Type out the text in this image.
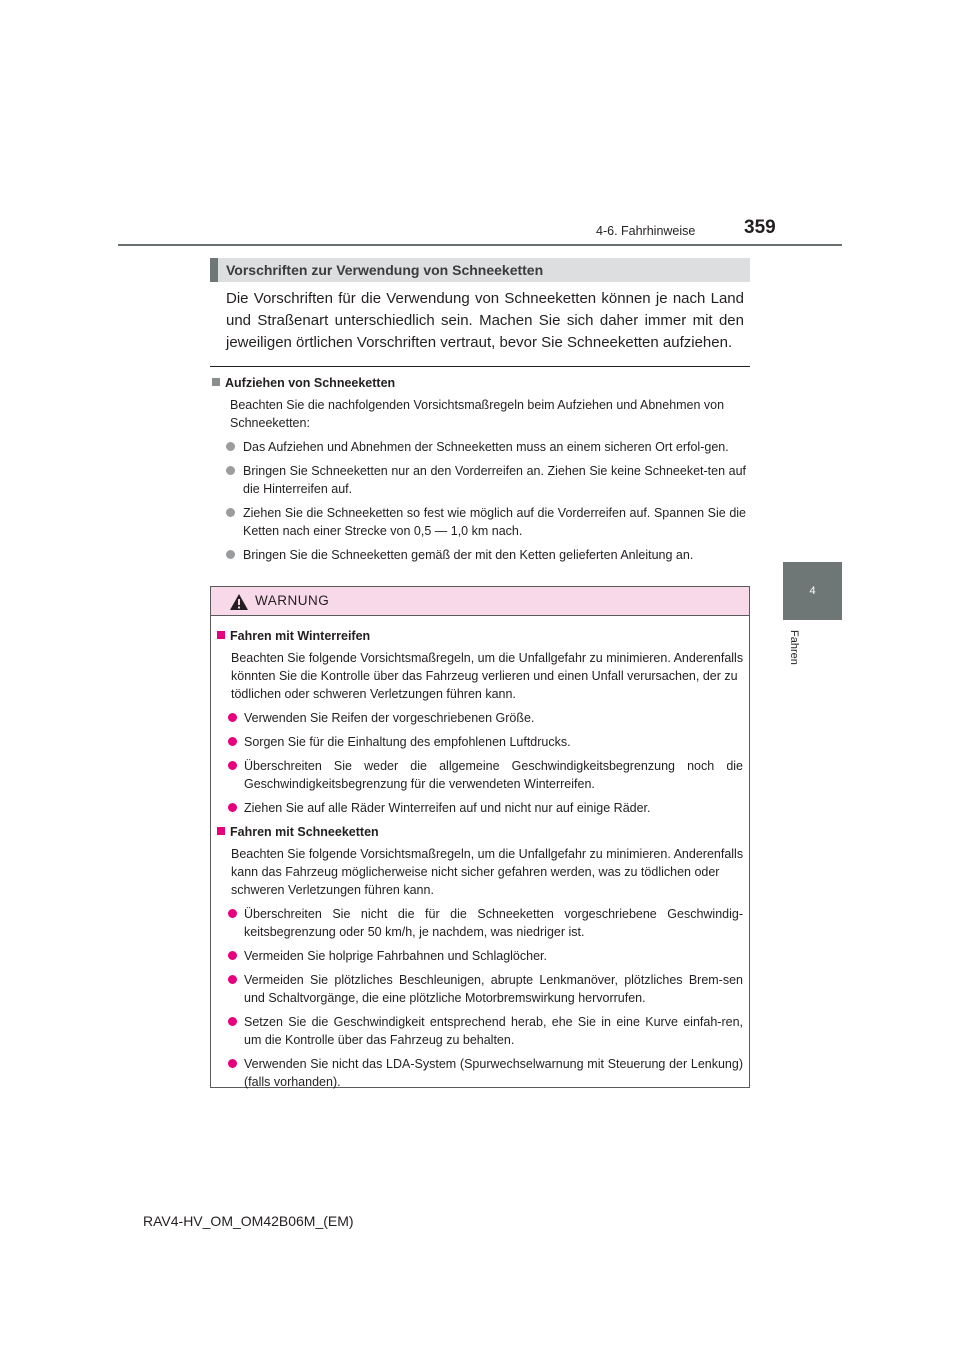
4-6. Fahrhinweise	359
4
Fahren
Vorschriften zur Verwendung von Schneeketten
Die Vorschriften für die Verwendung von Schneeketten können je nach Land und Straßenart unterschiedlich sein. Machen Sie sich daher immer mit den jeweiligen örtlichen Vorschriften vertraut, bevor Sie Schneeketten aufziehen.
Aufziehen von Schneeketten
Beachten Sie die nachfolgenden Vorsichtsmaßregeln beim Aufziehen und Abnehmen von Schneeketten:
Das Aufziehen und Abnehmen der Schneeketten muss an einem sicheren Ort erfol-gen.
Bringen Sie Schneeketten nur an den Vorderreifen an. Ziehen Sie keine Schneeket-ten auf die Hinterreifen auf.
Ziehen Sie die Schneeketten so fest wie möglich auf die Vorderreifen auf. Spannen Sie die Ketten nach einer Strecke von 0,5 — 1,0 km nach.
Bringen Sie die Schneeketten gemäß der mit den Ketten gelieferten Anleitung an.
WARNUNG
Fahren mit Winterreifen
Beachten Sie folgende Vorsichtsmaßregeln, um die Unfallgefahr zu minimieren. Anderenfalls könnten Sie die Kontrolle über das Fahrzeug verlieren und einen Unfall verursachen, der zu tödlichen oder schweren Verletzungen führen kann.
Verwenden Sie Reifen der vorgeschriebenen Größe.
Sorgen Sie für die Einhaltung des empfohlenen Luftdrucks.
Überschreiten Sie weder die allgemeine Geschwindigkeitsbegrenzung noch die Geschwindigkeitsbegrenzung für die verwendeten Winterreifen.
Ziehen Sie auf alle Räder Winterreifen auf und nicht nur auf einige Räder.
Fahren mit Schneeketten
Beachten Sie folgende Vorsichtsmaßregeln, um die Unfallgefahr zu minimieren. Anderenfalls kann das Fahrzeug möglicherweise nicht sicher gefahren werden, was zu tödlichen oder schweren Verletzungen führen kann.
Überschreiten Sie nicht die für die Schneeketten vorgeschriebene Geschwindig-keitsbegrenzung oder 50 km/h, je nachdem, was niedriger ist.
Vermeiden Sie holprige Fahrbahnen und Schlaglöcher.
Vermeiden Sie plötzliches Beschleunigen, abrupte Lenkmanöver, plötzliches Brem-sen und Schaltvorgänge, die eine plötzliche Motorbremswirkung hervorrufen.
Setzen Sie die Geschwindigkeit entsprechend herab, ehe Sie in eine Kurve einfah-ren, um die Kontrolle über das Fahrzeug zu behalten.
Verwenden Sie nicht das LDA-System (Spurwechselwarnung mit Steuerung der Lenkung) (falls vorhanden).
RAV4-HV_OM_OM42B06M_(EM)
